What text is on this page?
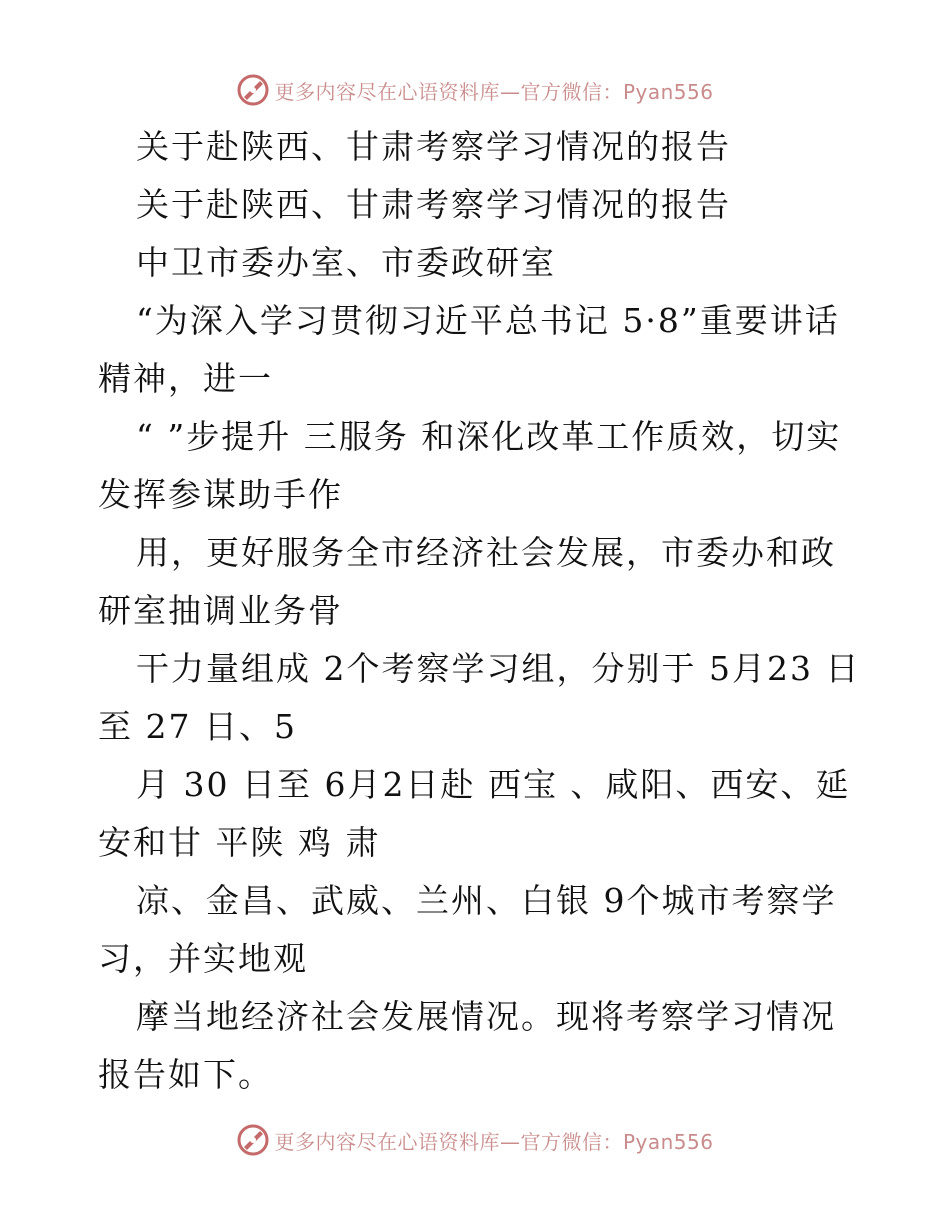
更多内容尽在心语资料库—官方微信：Pyan556

关于赴陕西、甘肃考察学习情况的报告

关于赴陕西、甘肃考察学习情况的报告

中卫市委办室、市委政研室

“为深入学习贯彻习近平总书记 5·8”重要讲话精神，进一

“ ”步提升 三服务 和深化改革工作质效，切实发挥参谋助手作

用，更好服务全市经济社会发展，市委办和政研室抽调业务骨

干力量组成 2个考察学习组，分别于 5月23 日至 27 日、5

月 30 日至 6月2日赴 西宝 、咸阳、西安、延安和甘 平陕 鸡 肃

凉、金昌、武威、兰州、白银 9个城市考察学习，并实地观

摩当地经济社会发展情况。现将考察学习情况报告如下。

更多内容尽在心语资料库—官方微信：Pyan556
